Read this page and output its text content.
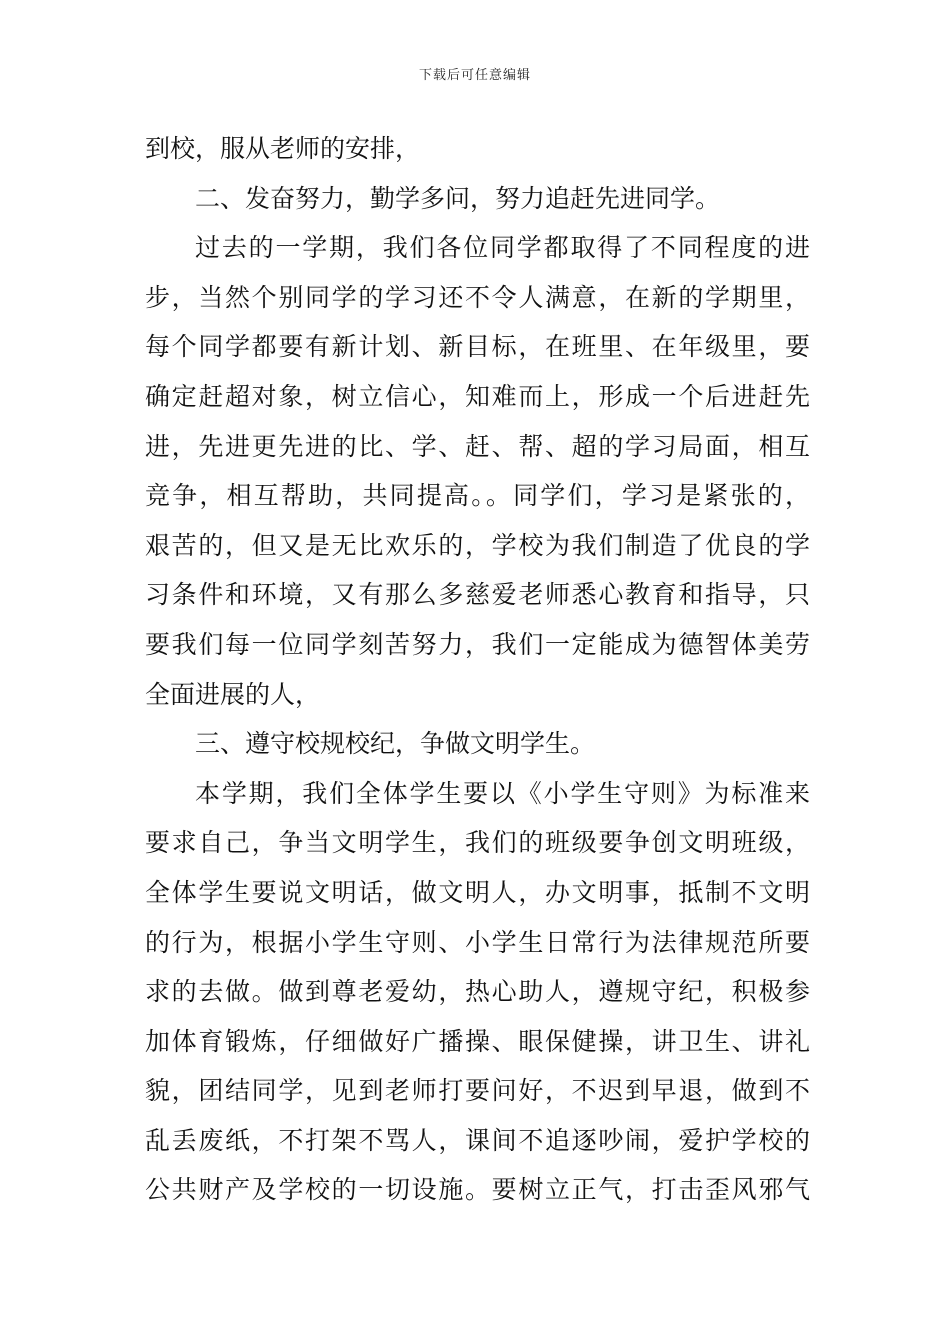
下载后可任意编辑
到校，服从老师的安排，
二、发奋努力，勤学多问，努力追赶先进同学。
过去的一学期，我们各位同学都取得了不同程度的进
步，当然个别同学的学习还不令人满意，在新的学期里，
每个同学都要有新计划、新目标，在班里、在年级里，要
确定赶超对象，树立信心，知难而上，形成一个后进赶先
进，先进更先进的比、学、赶、帮、超的学习局面，相互
竞争，相互帮助，共同提高。。同学们，学习是紧张的，
艰苦的，但又是无比欢乐的，学校为我们制造了优良的学
习条件和环境，又有那么多慈爱老师悉心教育和指导，只
要我们每一位同学刻苦努力，我们一定能成为德智体美劳
全面进展的人，
三、遵守校规校纪，争做文明学生。
本学期，我们全体学生要以《小学生守则》为标准来
要求自己，争当文明学生，我们的班级要争创文明班级，
全体学生要说文明话，做文明人，办文明事，抵制不文明
的行为，根据小学生守则、小学生日常行为法律规范所要
求的去做。做到尊老爱幼，热心助人，遵规守纪，积极参
加体育锻炼，仔细做好广播操、眼保健操，讲卫生、讲礼
貌，团结同学，见到老师打要问好，不迟到早退，做到不
乱丢废纸，不打架不骂人，课间不追逐吵闹，爱护学校的
公共财产及学校的一切设施。要树立正气，打击歪风邪气
